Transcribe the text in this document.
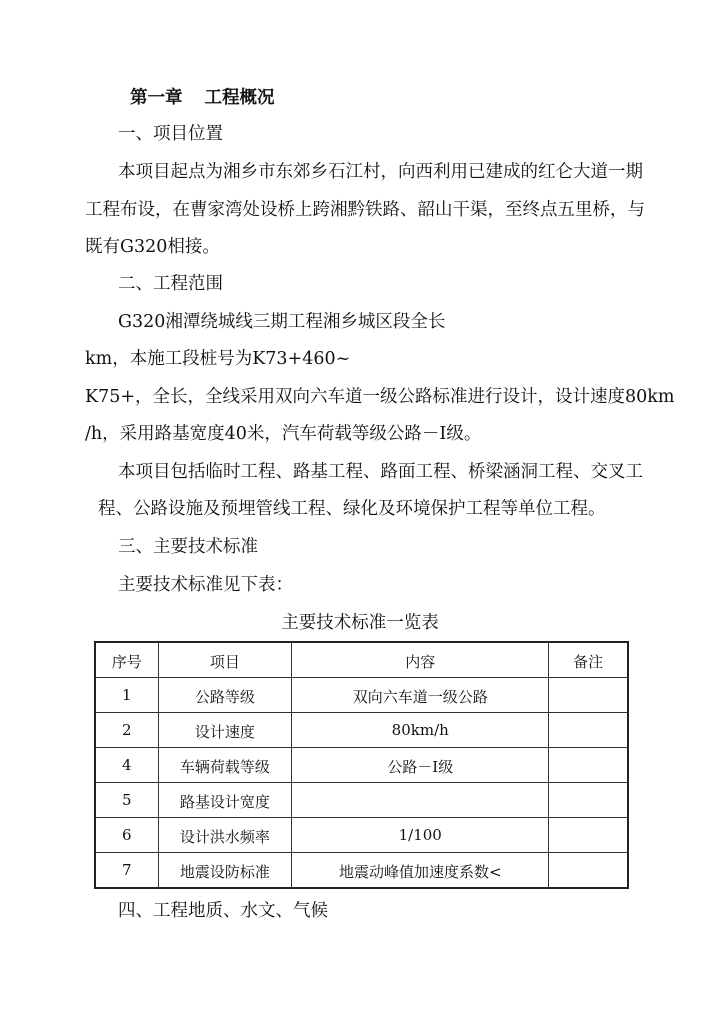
第一章 工程概况
一、项目位置
本项目起点为湘乡市东郊乡石江村，向西利用已建成的红仑大道一期
工程布设，在曹家湾处设桥上跨湘黔铁路、韶山干渠，至终点五里桥，与
既有G320相接。
二、工程范围
G320湘潭绕城线三期工程湘乡城区段全长
km，本施工段桩号为K73+460~
K75+，全长，全线采用双向六车道一级公路标准进行设计，设计速度80km
/h，采用路基宽度40米，汽车荷载等级公路－I级。
本项目包括临时工程、路基工程、路面工程、桥梁涵洞工程、交叉工
程、公路设施及预埋管线工程、绿化及环境保护工程等单位工程。
三、主要技术标准
主要技术标准见下表：
主要技术标准一览表
序号	项目	内容	备注
1	公路等级	双向六车道一级公路	
2	设计速度	80km/h	
4	车辆荷载等级	公路－I级	
5	路基设计宽度		
6	设计洪水频率	1/100	
7	地震设防标准	地震动峰值加速度系数<	
四、工程地质、水文、气候
